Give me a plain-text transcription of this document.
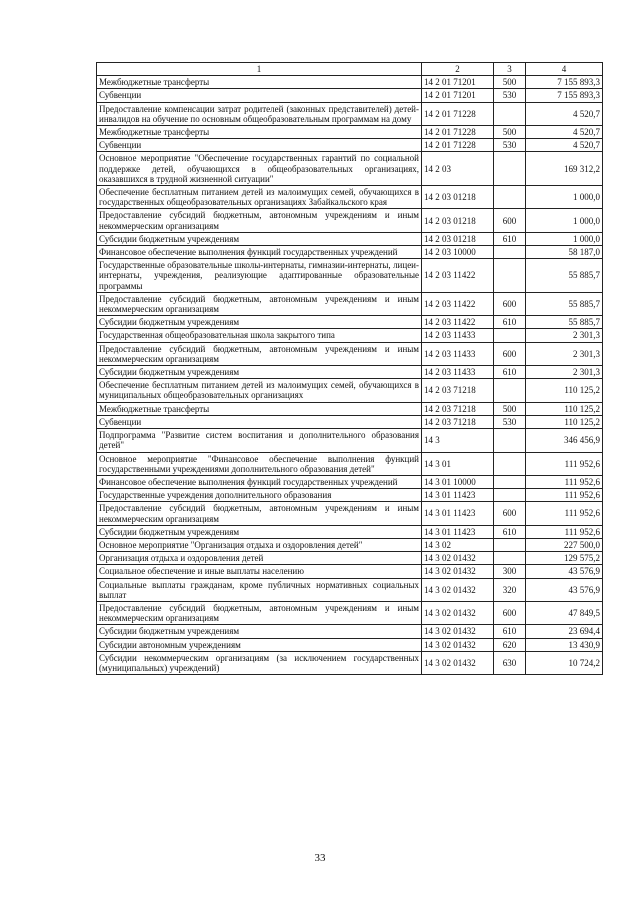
1	2	3	4
Межбюджетные трансферты	14 2 01 71201	500	7 155 893,3
Субвенции	14 2 01 71201	530	7 155 893,3
Предоставление компенсации затрат родителей (законных представителей) детей-инвалидов на обучение по основным общеобразовательным программам на дому	14 2 01 71228		4 520,7
Межбюджетные трансферты	14 2 01 71228	500	4 520,7
Субвенции	14 2 01 71228	530	4 520,7
Основное мероприятие "Обеспечение государственных гарантий по социальной поддержке детей, обучающихся в общеобразовательных организациях, оказавшихся в трудной жизненной ситуации"	14 2 03		169 312,2
Обеспечение бесплатным питанием детей из малоимущих семей, обучающихся в государственных общеобразовательных организациях Забайкальского края	14 2 03 01218		1 000,0
Предоставление субсидий бюджетным, автономным учреждениям и иным некоммерческим организациям	14 2 03 01218	600	1 000,0
Субсидии бюджетным учреждениям	14 2 03 01218	610	1 000,0
Финансовое обеспечение выполнения функций государственных учреждений	14 2 03 10000		58 187,0
Государственные образовательные школы-интернаты, гимназии-интернаты, лицеи-интернаты, учреждения, реализующие адаптированные образовательные программы	14 2 03 11422		55 885,7
Предоставление субсидий бюджетным, автономным учреждениям и иным некоммерческим организациям	14 2 03 11422	600	55 885,7
Субсидии бюджетным учреждениям	14 2 03 11422	610	55 885,7
Государственная общеобразовательная школа закрытого типа	14 2 03 11433		2 301,3
Предоставление субсидий бюджетным, автономным учреждениям и иным некоммерческим организациям	14 2 03 11433	600	2 301,3
Субсидии бюджетным учреждениям	14 2 03 11433	610	2 301,3
Обеспечение бесплатным питанием детей из малоимущих семей, обучающихся в муниципальных общеобразовательных организациях	14 2 03 71218		110 125,2
Межбюджетные трансферты	14 2 03 71218	500	110 125,2
Субвенции	14 2 03 71218	530	110 125,2
Подпрограмма "Развитие систем воспитания и дополнительного образования детей"	14 3		346 456,9
Основное мероприятие "Финансовое обеспечение выполнения функций государственными учреждениями дополнительного образования детей"	14 3 01		111 952,6
Финансовое обеспечение выполнения функций государственных учреждений	14 3 01 10000		111 952,6
Государственные учреждения дополнительного образования	14 3 01 11423		111 952,6
Предоставление субсидий бюджетным, автономным учреждениям и иным некоммерческим организациям	14 3 01 11423	600	111 952,6
Субсидии бюджетным учреждениям	14 3 01 11423	610	111 952,6
Основное мероприятие "Организация отдыха и оздоровления детей"	14 3 02		227 500,0
Организация отдыха и оздоровления детей	14 3 02 01432		129 575,2
Социальное обеспечение и иные выплаты населению	14 3 02 01432	300	43 576,9
Социальные выплаты гражданам, кроме публичных нормативных социальных выплат	14 3 02 01432	320	43 576,9
Предоставление субсидий бюджетным, автономным учреждениям и иным некоммерческим организациям	14 3 02 01432	600	47 849,5
Субсидии бюджетным учреждениям	14 3 02 01432	610	23 694,4
Субсидии автономным учреждениям	14 3 02 01432	620	13 430,9
Субсидии некоммерческим организациям (за исключением государственных (муниципальных) учреждений)	14 3 02 01432	630	10 724,2
33
